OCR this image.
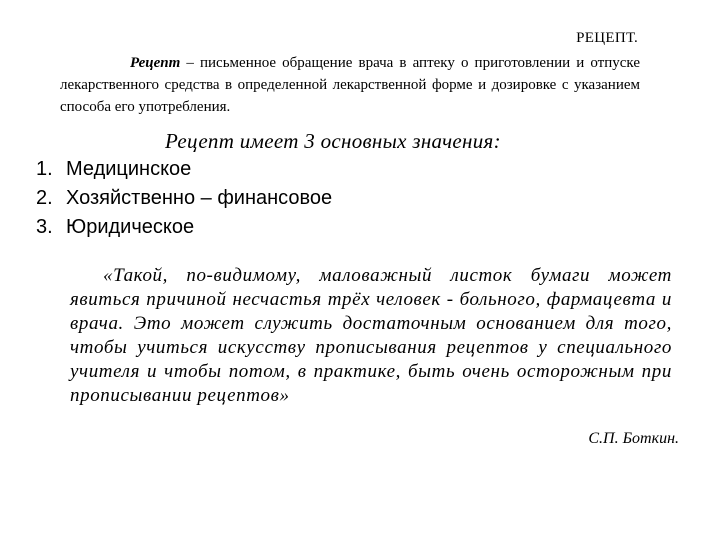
РЕЦЕПТ.

Рецепт – письменное обращение врача в аптеку о приготовлении и отпуске лекарственного средства в определенной лекарственной форме и дозировке с указанием способа его употребления.

Рецепт имеет 3 основных значения:
1. Медицинское
2. Хозяйственно – финансовое
3. Юридическое

«Такой, по-видимому, маловажный листок бумаги может явиться причиной несчастья трёх человек - больного, фармацевта и врача. Это может служить достаточным основанием для того, чтобы учиться искусству прописывания рецептов у специального учителя и чтобы потом, в практике, быть очень осторожным при прописывании рецептов»

С.П. Боткин.
